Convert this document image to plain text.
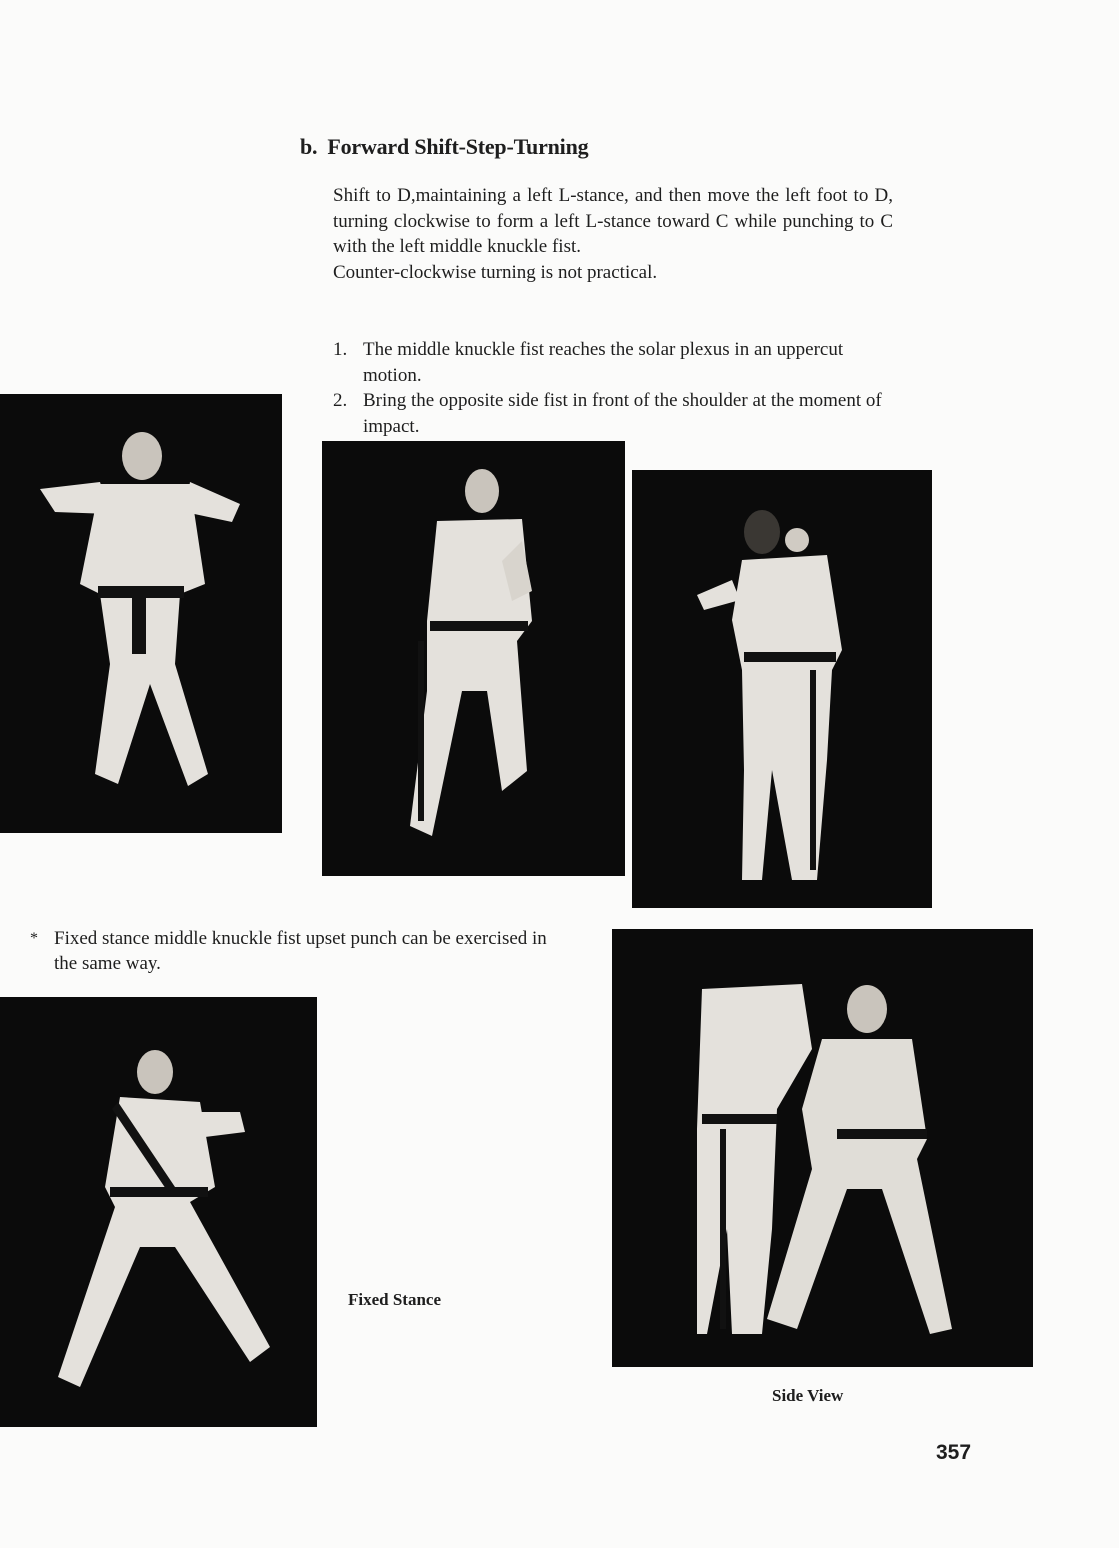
b. Forward Shift-Step-Turning

Shift to D,maintaining a left L-stance, and then move the left foot to D, turning clockwise to form a left L-stance toward C while punching to C with the left middle knuckle fist.

Counter-clockwise turning is not practical.

1. The middle knuckle fist reaches the solar plexus in an uppercut motion.
2. Bring the opposite side fist in front of the shoulder at the moment of impact.
* Fixed stance middle knuckle fist upset punch can be exercised in the same way.
Fixed Stance
Side View
357
